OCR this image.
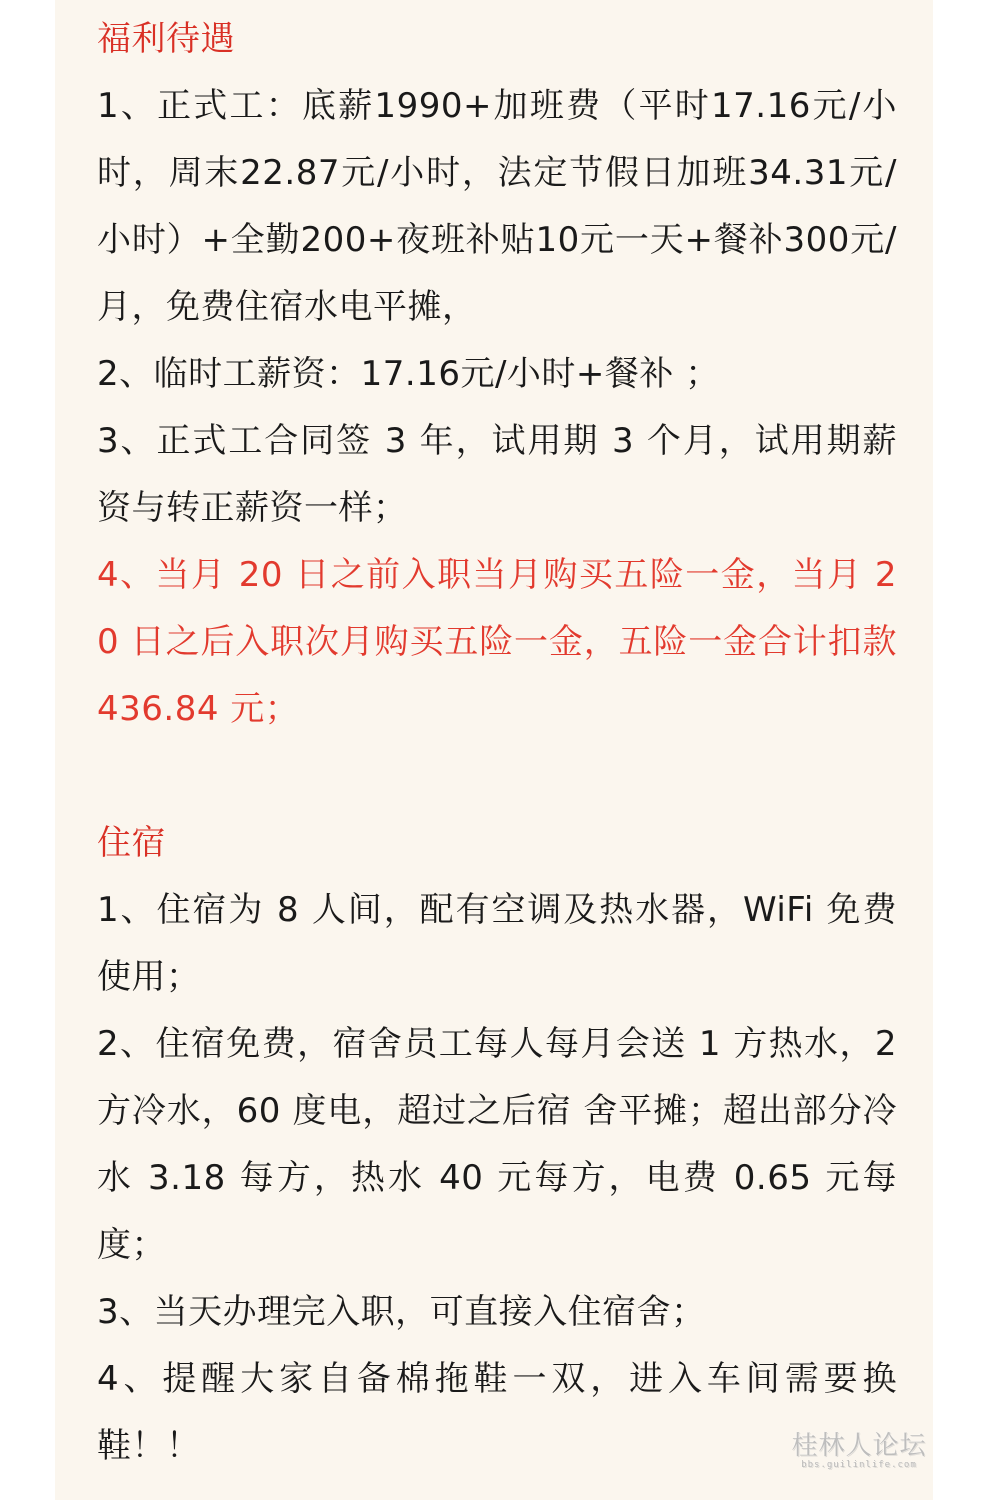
福利待遇

1、正式工：底薪1990+加班费（平时17.16元/小时，周末22.87元/小时，法定节假日加班34.31元/小时）+全勤200+夜班补贴10元一天+餐补300元/月，免费住宿水电平摊，

2、临时工薪资：17.16元/小时+餐补 ；

3、正式工合同签 3 年，试用期 3 个月，试用期薪资与转正薪资一样；

4、当月 20 日之前入职当月购买五险一金，当月 20 日之后入职次月购买五险一金，五险一金合计扣款 436.84 元；

住宿

1、住宿为 8 人间，配有空调及热水器，WiFi 免费使用；

2、住宿免费，宿舍员工每人每月会送 1 方热水，2 方冷水，60 度电，超过之后宿 舍平摊；超出部分冷水 3.18 每方，热水 40 元每方，电费 0.65 元每度；

3、当天办理完入职，可直接入住宿舍；

4、提醒大家自备棉拖鞋一双，进入车间需要换鞋！！	桂林人论坛
bbs.guilinlife.com
